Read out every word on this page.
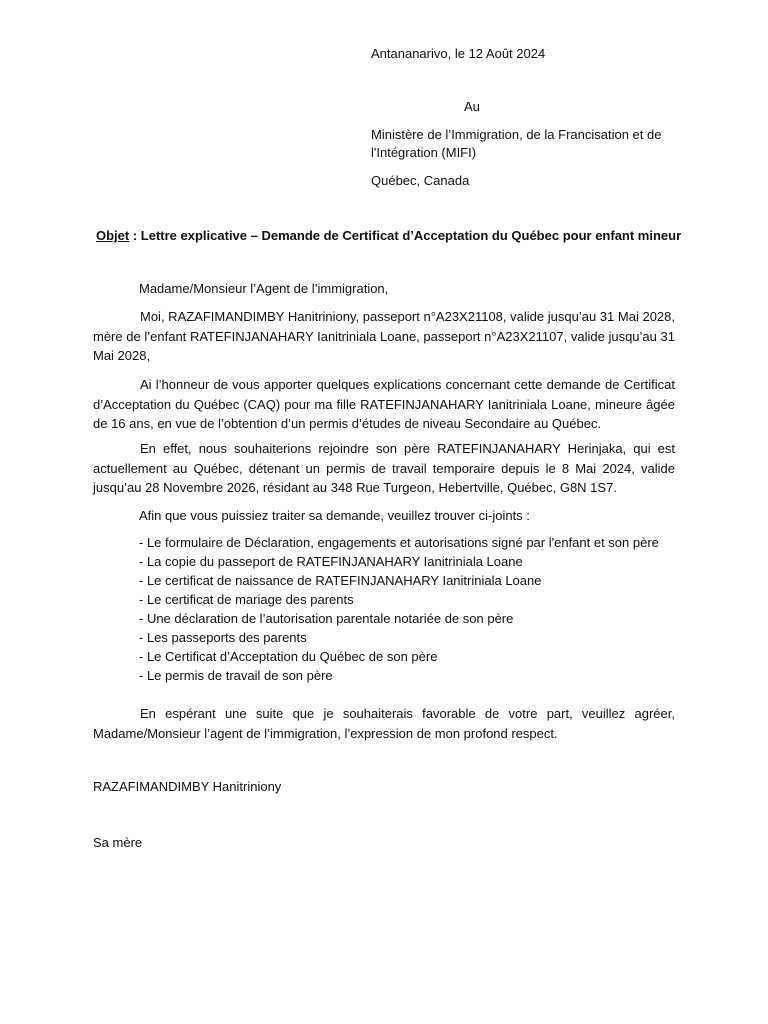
Antananarivo, le 12 Août 2024
Au
Ministère de l’Immigration, de la Francisation et de
l'Intégration (MIFI)
Québec, Canada
Objet : Lettre explicative – Demande de Certificat d’Acceptation du Québec pour enfant mineur
Madame/Monsieur l’Agent de l’immigration,
Moi, RAZAFIMANDIMBY Hanitriniony, passeport n°A23X21108, valide jusqu’au 31 Mai 2028, mère de l’enfant RATEFINJANAHARY Ianitriniala Loane, passeport n°A23X21107, valide jusqu’au 31 Mai 2028,
Ai l’honneur de vous apporter quelques explications concernant cette demande de Certificat d’Acceptation du Québec (CAQ) pour ma fille RATEFINJANAHARY Ianitriniala Loane, mineure âgée de 16 ans, en vue de l’obtention d’un permis d’études de niveau Secondaire au Québec.
En effet, nous souhaiterions rejoindre son père RATEFINJANAHARY Herinjaka, qui est actuellement au Québec, détenant un permis de travail temporaire depuis le 8 Mai 2024, valide jusqu’au 28 Novembre 2026, résidant au 348 Rue Turgeon, Hebertville, Québec, G8N 1S7.
Afin que vous puissiez traiter sa demande, veuillez trouver ci-joints :
- Le formulaire de Déclaration, engagements et autorisations signé par l'enfant et son père
- La copie du passeport de RATEFINJANAHARY Ianitriniala Loane
- Le certificat de naissance de RATEFINJANAHARY Ianitriniala Loane
- Le certificat de mariage des parents
- Une déclaration de l’autorisation parentale notariée de son père
- Les passeports des parents
- Le Certificat d’Acceptation du Québec de son père
- Le permis de travail de son père
En espérant une suite que je souhaiterais favorable de votre part, veuillez agréer, Madame/Monsieur l’agent de l’immigration, l’expression de mon profond respect.
RAZAFIMANDIMBY Hanitriniony
Sa mère
